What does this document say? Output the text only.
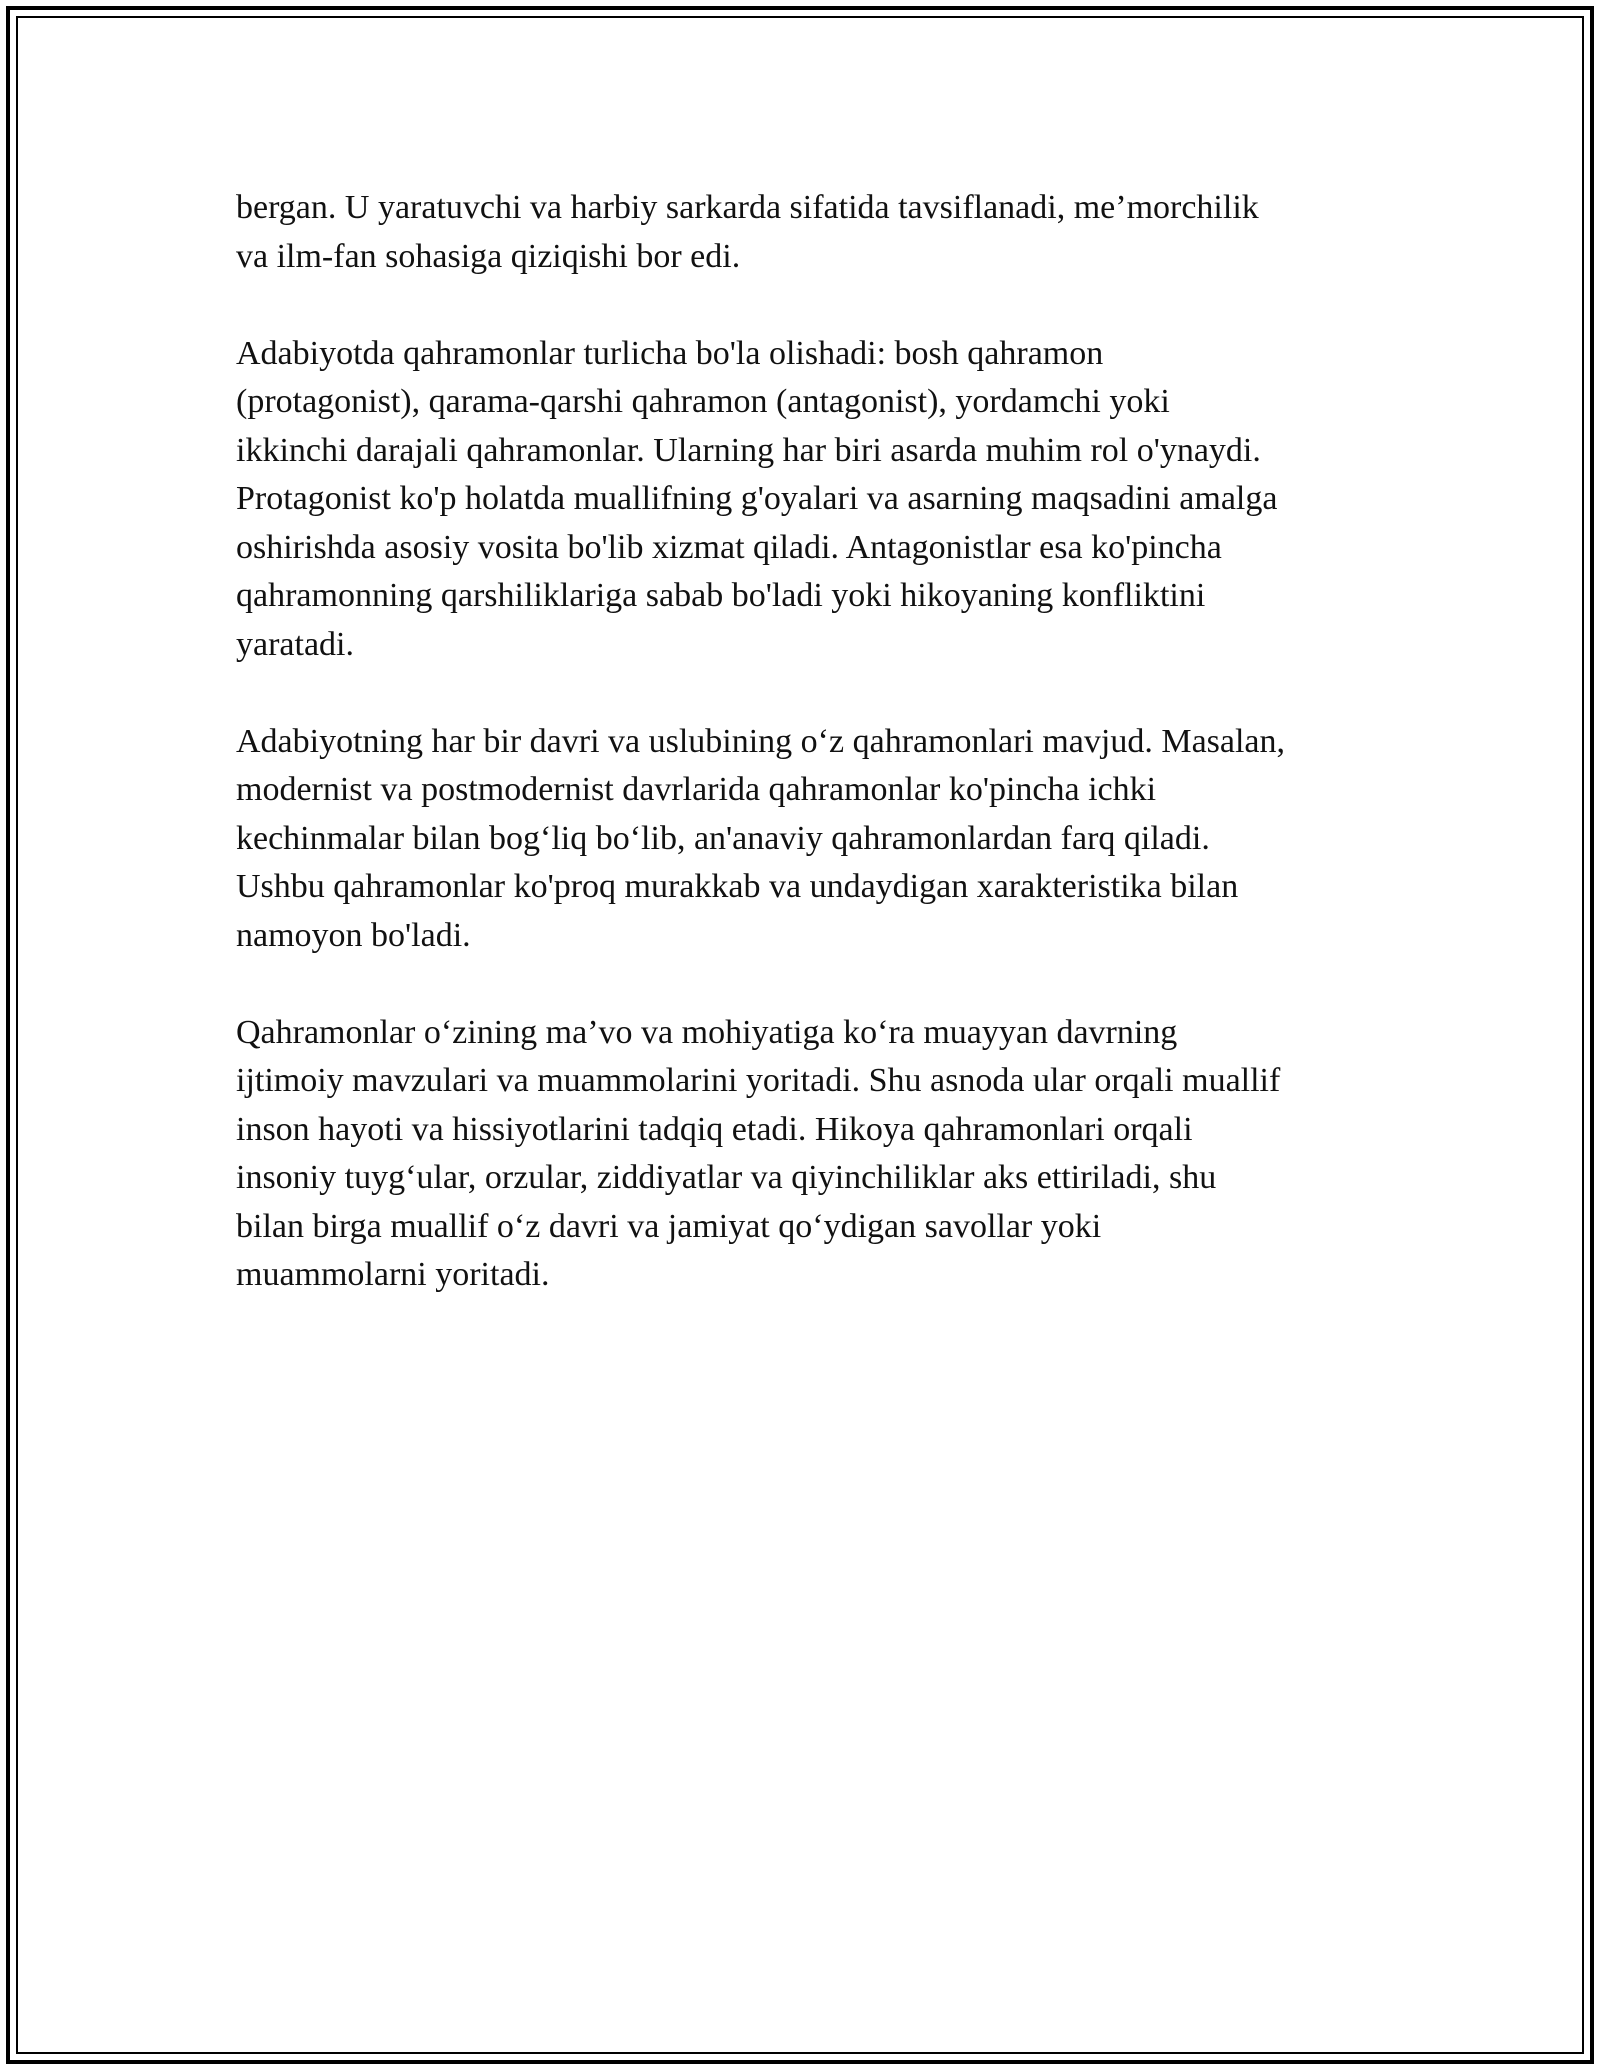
bergan. U yaratuvchi va harbiy sarkarda sifatida tavsiflanadi, me’morchilik
va ilm-fan sohasiga qiziqishi bor edi.

Adabiyotda qahramonlar turlicha bo'la olishadi: bosh qahramon
(protagonist), qarama-qarshi qahramon (antagonist), yordamchi yoki
ikkinchi darajali qahramonlar. Ularning har biri asarda muhim rol o'ynaydi.
Protagonist ko'p holatda muallifning g'oyalari va asarning maqsadini amalga
oshirishda asosiy vosita bo'lib xizmat qiladi. Antagonistlar esa ko'pincha
qahramonning qarshiliklariga sabab bo'ladi yoki hikoyaning konfliktini
yaratadi.

Adabiyotning har bir davri va uslubining o‘z qahramonlari mavjud. Masalan,
modernist va postmodernist davrlarida qahramonlar ko'pincha ichki
kechinmalar bilan bog‘liq bo‘lib, an'anaviy qahramonlardan farq qiladi.
Ushbu qahramonlar ko'proq murakkab va undaydigan xarakteristika bilan
namoyon bo'ladi.

Qahramonlar o‘zining ma’vo va mohiyatiga ko‘ra muayyan davrning
ijtimoiy mavzulari va muammolarini yoritadi. Shu asnoda ular orqali muallif
inson hayoti va hissiyotlarini tadqiq etadi. Hikoya qahramonlari orqali
insoniy tuyg‘ular, orzular, ziddiyatlar va qiyinchiliklar aks ettiriladi, shu
bilan birga muallif o‘z davri va jamiyat qo‘ydigan savollar yoki
muammolarni yoritadi.
